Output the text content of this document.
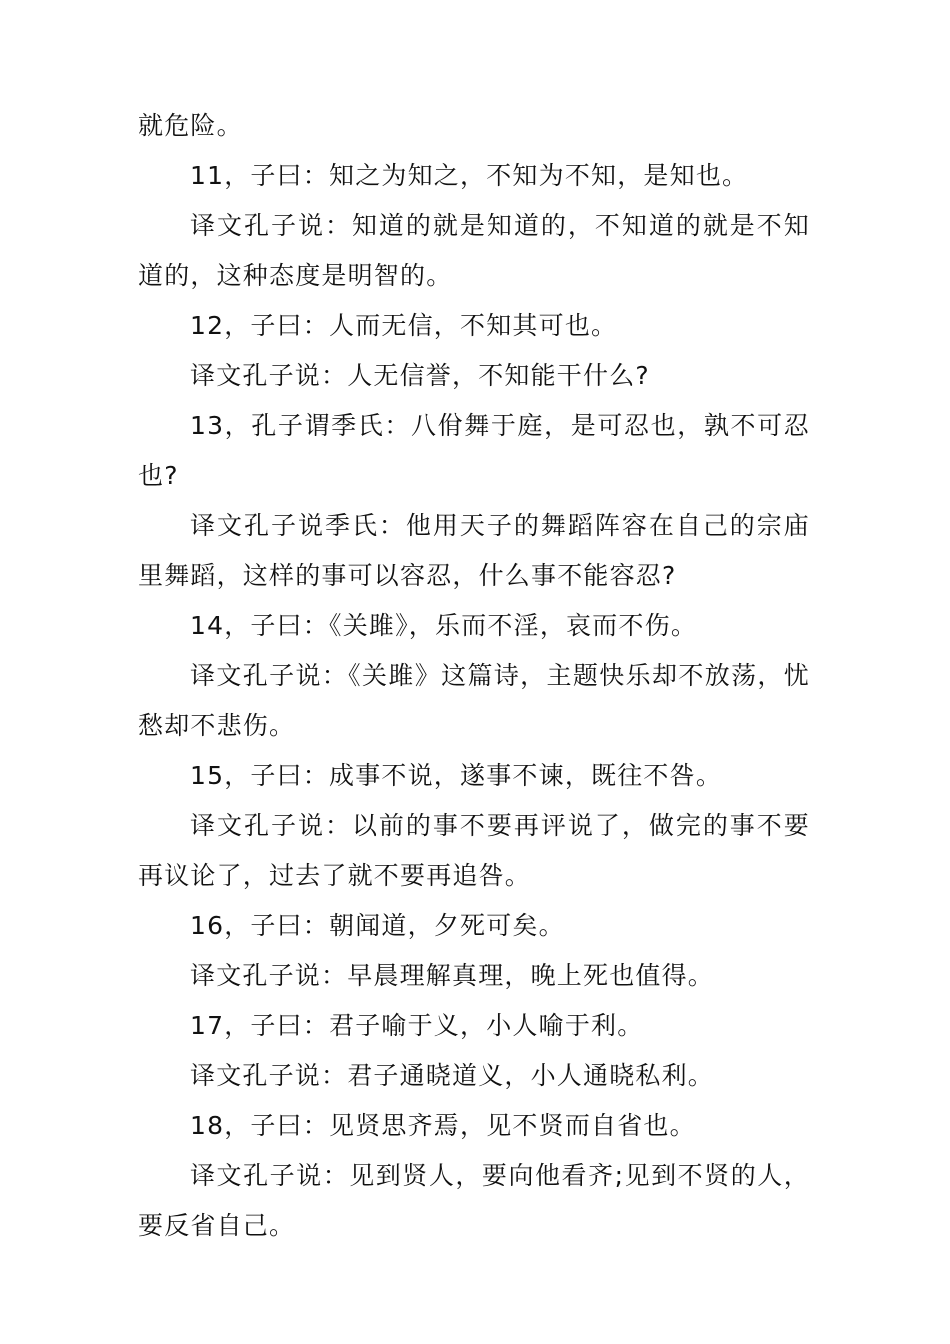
就危险。

11，子曰：知之为知之，不知为不知，是知也。

译文孔子说：知道的就是知道的，不知道的就是不知道的，这种态度是明智的。

12，子曰：人而无信，不知其可也。

译文孔子说：人无信誉，不知能干什么?

13，孔子谓季氏：八佾舞于庭，是可忍也，孰不可忍也?

译文孔子说季氏：他用天子的舞蹈阵容在自己的宗庙里舞蹈，这样的事可以容忍，什么事不能容忍?

14，子曰：《关雎》，乐而不淫，哀而不伤。

译文孔子说：《关雎》这篇诗，主题快乐却不放荡，忧愁却不悲伤。

15，子曰：成事不说，遂事不谏，既往不咎。

译文孔子说：以前的事不要再评说了，做完的事不要再议论了，过去了就不要再追咎。

16，子曰：朝闻道，夕死可矣。

译文孔子说：早晨理解真理，晚上死也值得。

17，子曰：君子喻于义，小人喻于利。

译文孔子说：君子通晓道义，小人通晓私利。

18，子曰：见贤思齐焉，见不贤而自省也。

译文孔子说：见到贤人，要向他看齐;见到不贤的人，要反省自己。
